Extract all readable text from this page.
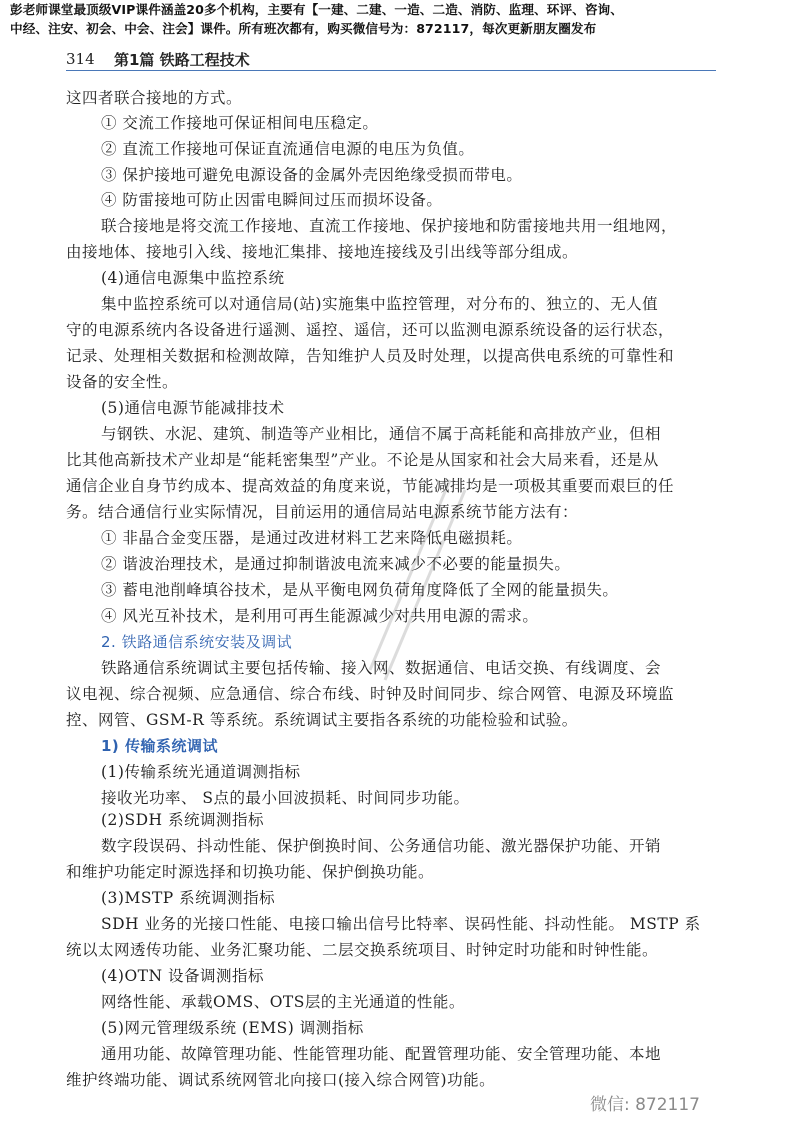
彭老师课堂最顶级VIP课件涵盖20多个机构，主要有【一建、二建、一造、二造、消防、监理、环评、咨询、
中经、注安、初会、中会、注会】课件。所有班次都有，购买微信号为：872117，每次更新朋友圈发布
314 第1篇 铁路工程技术
这四者联合接地的方式。
① 交流工作接地可保证相间电压稳定。
② 直流工作接地可保证直流通信电源的电压为负值。
③ 保护接地可避免电源设备的金属外壳因绝缘受损而带电。
④ 防雷接地可防止因雷电瞬间过压而损坏设备。
联合接地是将交流工作接地、直流工作接地、保护接地和防雷接地共用一组地网，
由接地体、接地引入线、接地汇集排、接地连接线及引出线等部分组成。
(4)通信电源集中监控系统
集中监控系统可以对通信局(站)实施集中监控管理，对分布的、独立的、无人值
守的电源系统内各设备进行遥测、遥控、遥信，还可以监测电源系统设备的运行状态，
记录、处理相关数据和检测故障，告知维护人员及时处理，以提高供电系统的可靠性和
设备的安全性。
(5)通信电源节能减排技术
与钢铁、水泥、建筑、制造等产业相比，通信不属于高耗能和高排放产业，但相
比其他高新技术产业却是“能耗密集型”产业。不论是从国家和社会大局来看，还是从
通信企业自身节约成本、提高效益的角度来说，节能减排均是一项极其重要而艰巨的任
务。结合通信行业实际情况，目前运用的通信局站电源系统节能方法有：
① 非晶合金变压器，是通过改进材料工艺来降低电磁损耗。
② 谐波治理技术，是通过抑制谐波电流来减少不必要的能量损失。
③ 蓄电池削峰填谷技术，是从平衡电网负荷角度降低了全网的能量损失。
④ 风光互补技术，是利用可再生能源减少对共用电源的需求。
2. 铁路通信系统安装及调试
铁路通信系统调试主要包括传输、接入网、数据通信、电话交换、有线调度、会
议电视、综合视频、应急通信、综合布线、时钟及时间同步、综合网管、电源及环境监
控、网管、GSM-R 等系统。系统调试主要指各系统的功能检验和试验。
1) 传输系统调试
(1)传输系统光通道调测指标
接收光功率、 S点的最小回波损耗、时间同步功能。
(2)SDH 系统调测指标
数字段误码、抖动性能、保护倒换时间、公务通信功能、激光器保护功能、开销
和维护功能定时源选择和切换功能、保护倒换功能。
(3)MSTP 系统调测指标
SDH 业务的光接口性能、电接口输出信号比特率、误码性能、抖动性能。 MSTP 系
统以太网透传功能、业务汇聚功能、二层交换系统项目、时钟定时功能和时钟性能。
(4)OTN 设备调测指标
网络性能、承载OMS、OTS层的主光通道的性能。
(5)网元管理级系统 (EMS) 调测指标
通用功能、故障管理功能、性能管理功能、配置管理功能、安全管理功能、本地
维护终端功能、调试系统网管北向接口(接入综合网管)功能。
微信: 872117
